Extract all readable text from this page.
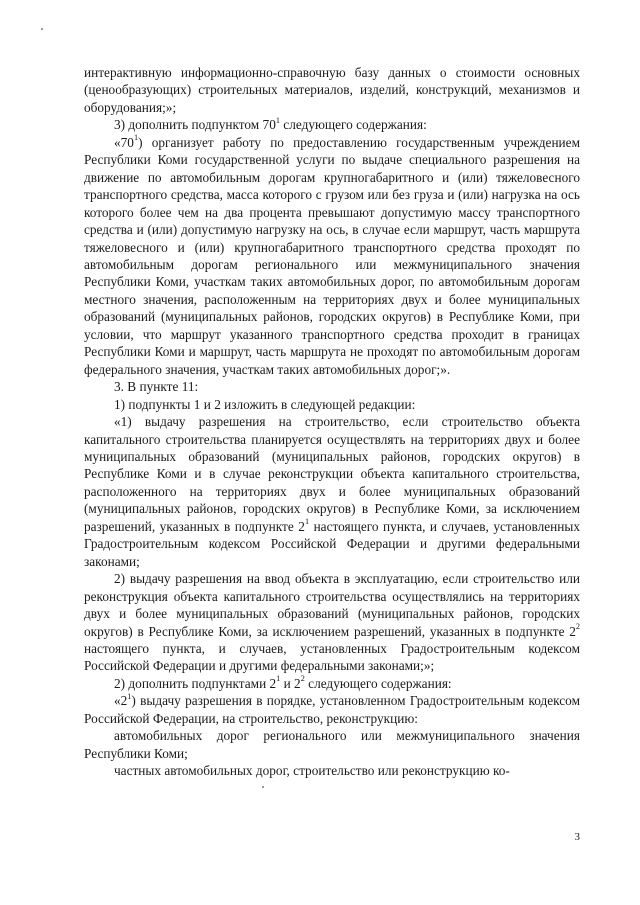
интерактивную информационно-справочную базу данных о стоимости основных (ценообразующих) строительных материалов, изделий, конструкций, механизмов и оборудования;»;

3) дополнить подпунктом $70^1$ следующего содержания:

«$70^1$) организует работу по предоставлению государственным учреждением Республики Коми государственной услуги по выдаче специального разрешения на движение по автомобильным дорогам крупногабаритного и (или) тяжеловесного транспортного средства, масса которого с грузом или без груза и (или) нагрузка на ось которого более чем на два процента превышают допустимую массу транспортного средства и (или) допустимую нагрузку на ось, в случае если маршрут, часть маршрута тяжеловесного и (или) крупногабаритного транспортного средства проходят по автомобильным дорогам регионального или межмуниципального значения Республики Коми, участкам таких автомобильных дорог, по автомобильным дорогам местного значения, расположенным на территориях двух и более муниципальных образований (муниципальных районов, городских округов) в Республике Коми, при условии, что маршрут указанного транспортного средства проходит в границах Республики Коми и маршрут, часть маршрута не проходят по автомобильным дорогам федерального значения, участкам таких автомобильных дорог;».

3. В пункте 11:

1) подпункты 1 и 2 изложить в следующей редакции:

«1) выдачу разрешения на строительство, если строительство объекта капитального строительства планируется осуществлять на территориях двух и более муниципальных образований (муниципальных районов, городских округов) в Республике Коми и в случае реконструкции объекта капитального строительства, расположенного на территориях двух и более муниципальных образований (муниципальных районов, городских округов) в Республике Коми, за исключением разрешений, указанных в подпункте $2^1$ настоящего пункта, и случаев, установленных Градостроительным кодексом Российской Федерации и другими федеральными законами;

2) выдачу разрешения на ввод объекта в эксплуатацию, если строительство или реконструкция объекта капитального строительства осуществлялись на территориях двух и более муниципальных образований (муниципальных районов, городских округов) в Республике Коми, за исключением разрешений, указанных в подпункте $2^2$ настоящего пункта, и случаев, установленных Градостроительным кодексом Российской Федерации и другими федеральными законами;»;

2) дополнить подпунктами $2^1$ и $2^2$ следующего содержания:

«$2^1$) выдачу разрешения в порядке, установленном Градостроительным кодексом Российской Федерации, на строительство, реконструкцию:

автомобильных дорог регионального или межмуниципального значения Республики Коми;

частных автомобильных дорог, строительство или реконструкцию ко-

3
